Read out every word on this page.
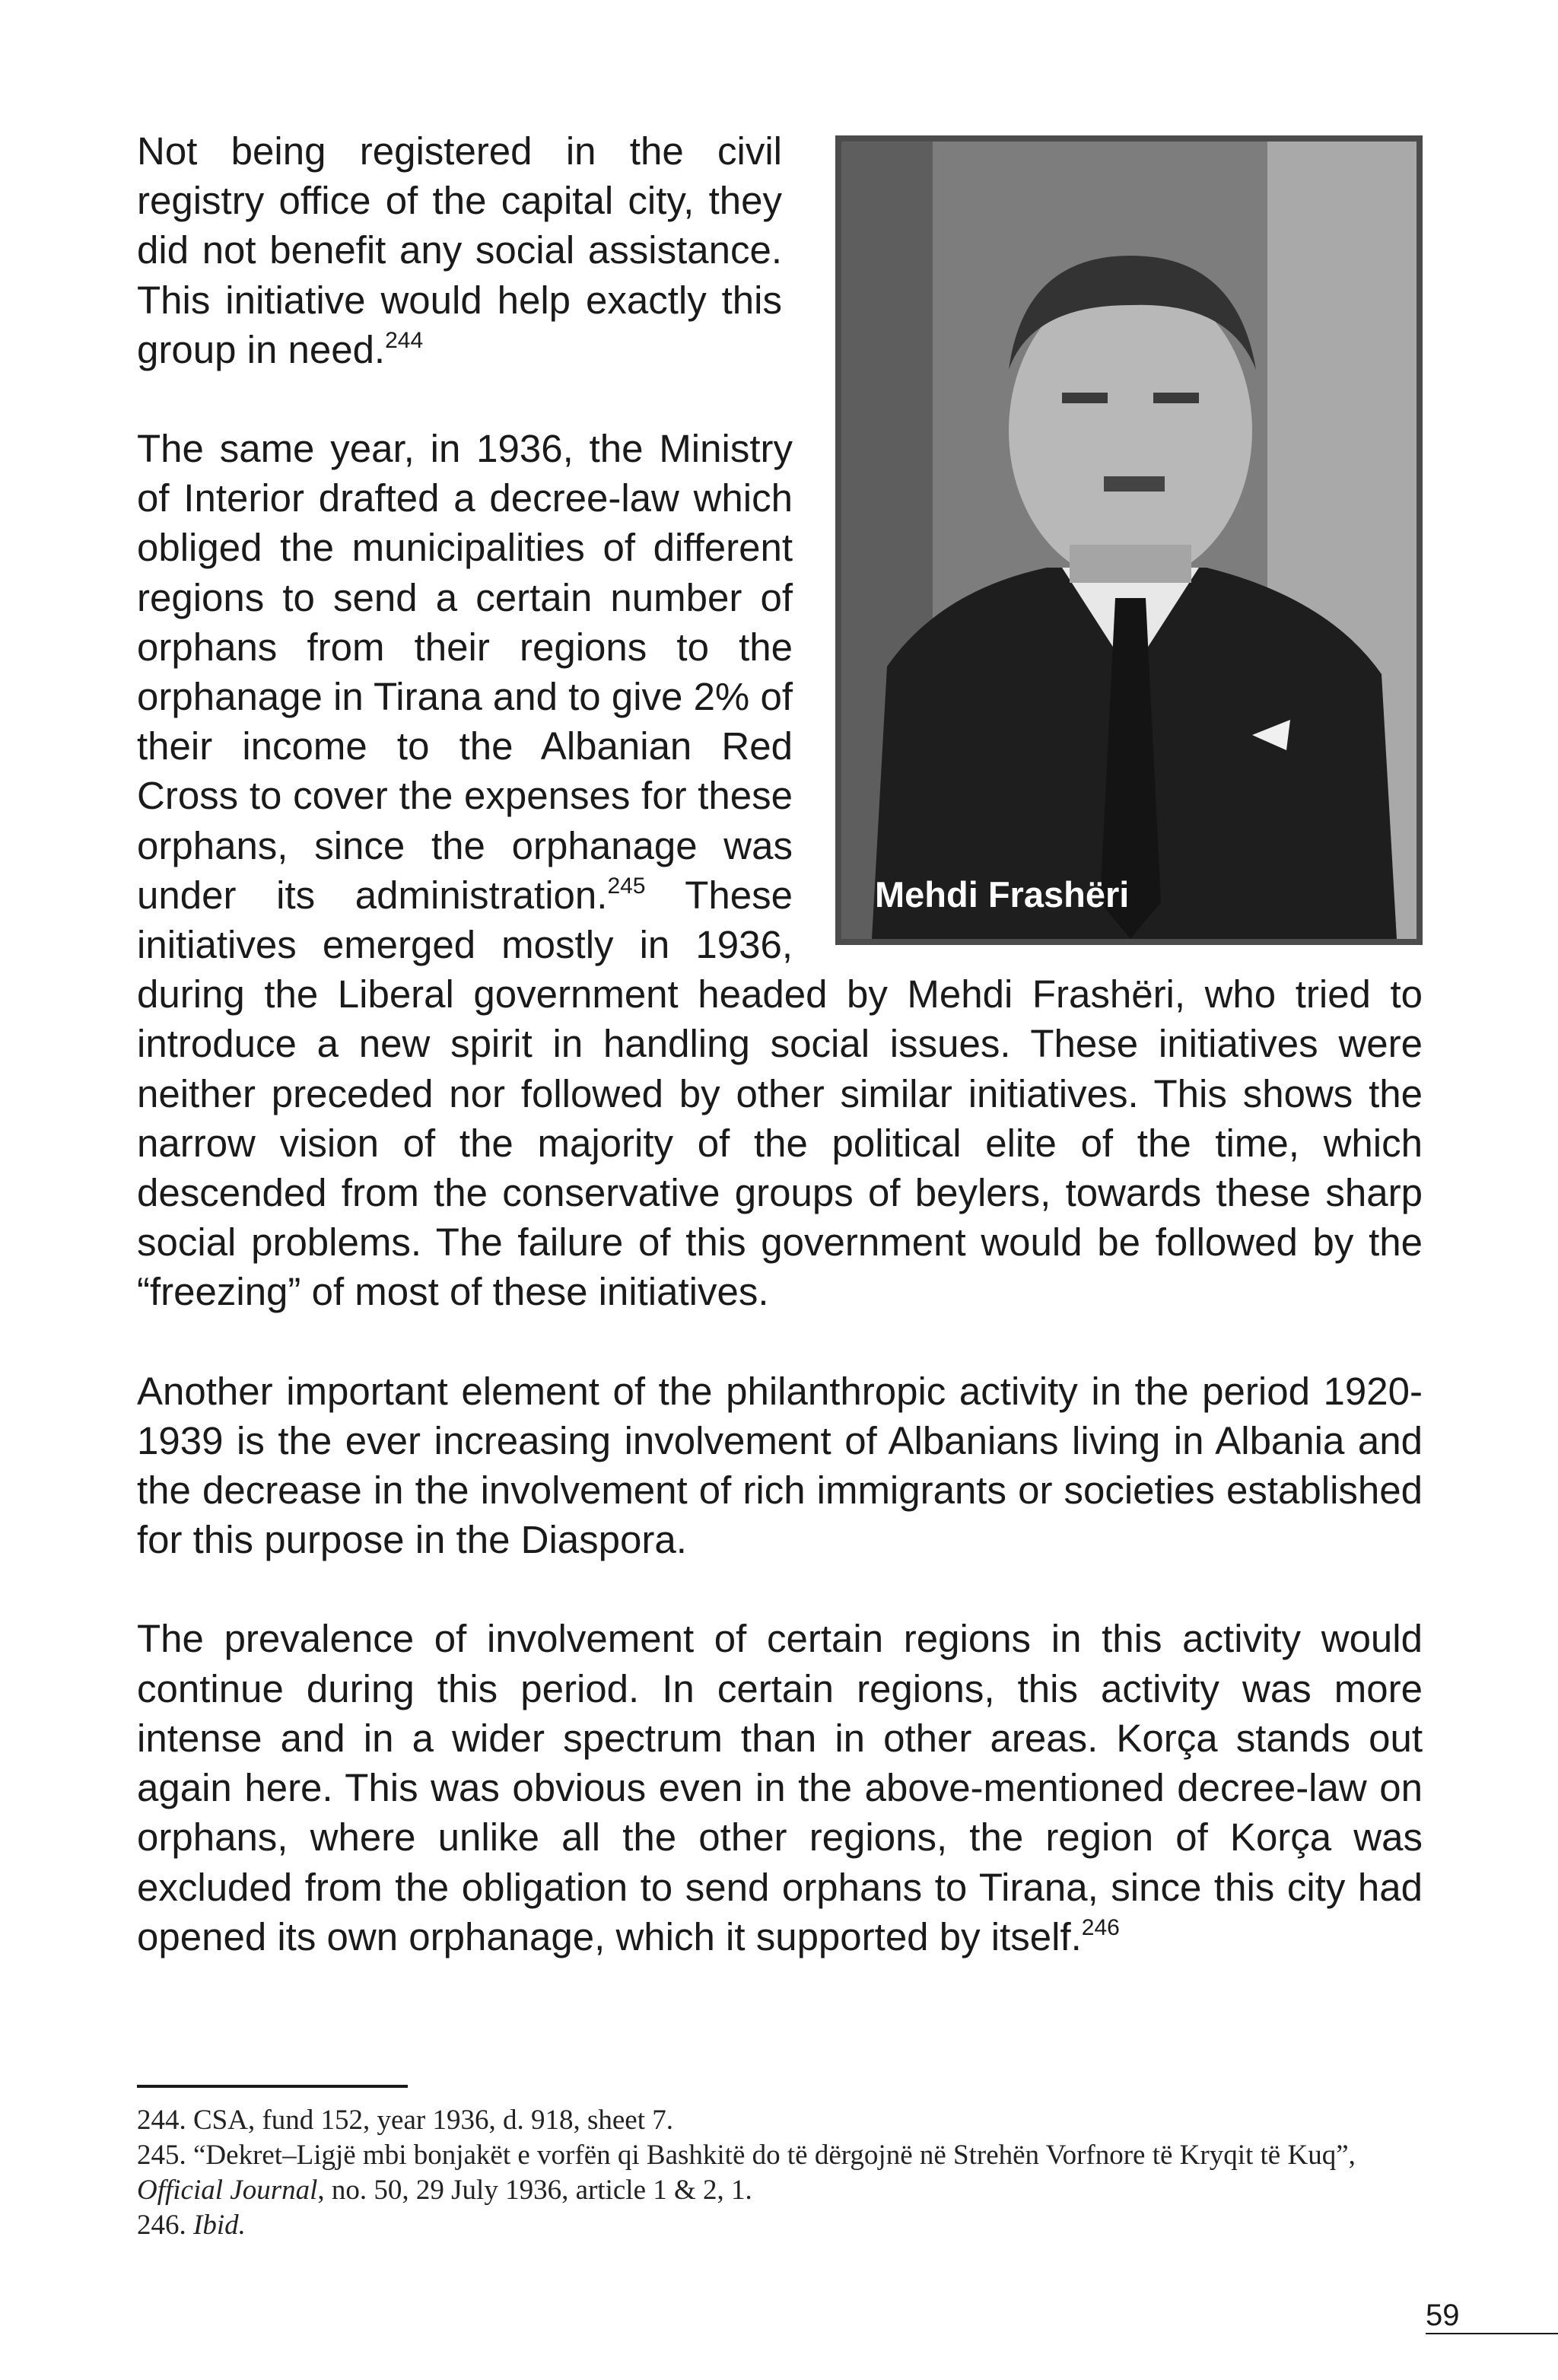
Mehdi Frashëri

Not being registered in the civil registry office of the capital city, they did not benefit any social assistance. This initiative would help exactly this group in need.$^{244}$

The same year, in 1936, the Ministry of Interior drafted a decree-law which obliged the municipalities of different regions to send a certain number of orphans from their regions to the orphanage in Tirana and to give 2% of their income to the Albanian Red Cross to cover the expenses for these orphans, since the orphanage was under its administration.$^{245}$ These initiatives emerged mostly in 1936, during the Liberal government headed by Mehdi Frashëri, who tried to introduce a new spirit in handling social issues. These initiatives were neither preceded nor followed by other similar initiatives. This shows the narrow vision of the majority of the political elite of the time, which descended from the conservative groups of beylers, towards these sharp social problems. The failure of this government would be followed by the “freezing” of most of these initiatives.

Another important element of the philanthropic activity in the period 1920-1939 is the ever increasing involvement of Albanians living in Albania and the decrease in the involvement of rich immigrants or societies established for this purpose in the Diaspora.

The prevalence of involvement of certain regions in this activity would continue during this period. In certain regions, this activity was more intense and in a wider spectrum than in other areas. Korça stands out again here. This was obvious even in the above-mentioned decree-law on orphans, where unlike all the other regions, the region of Korça was excluded from the obligation to send orphans to Tirana, since this city had opened its own orphanage, which it supported by itself.$^{246}$

244. CSA, fund 152, year 1936, d. 918, sheet 7.

245. “Dekret–Ligjë mbi bonjakët e vorfën qi Bashkitë do të dërgojnë në Strehën Vorfnore të Kryqit të Kuq”, Official Journal, no. 50, 29 July 1936, article 1 & 2, 1.

246. Ibid.

59
